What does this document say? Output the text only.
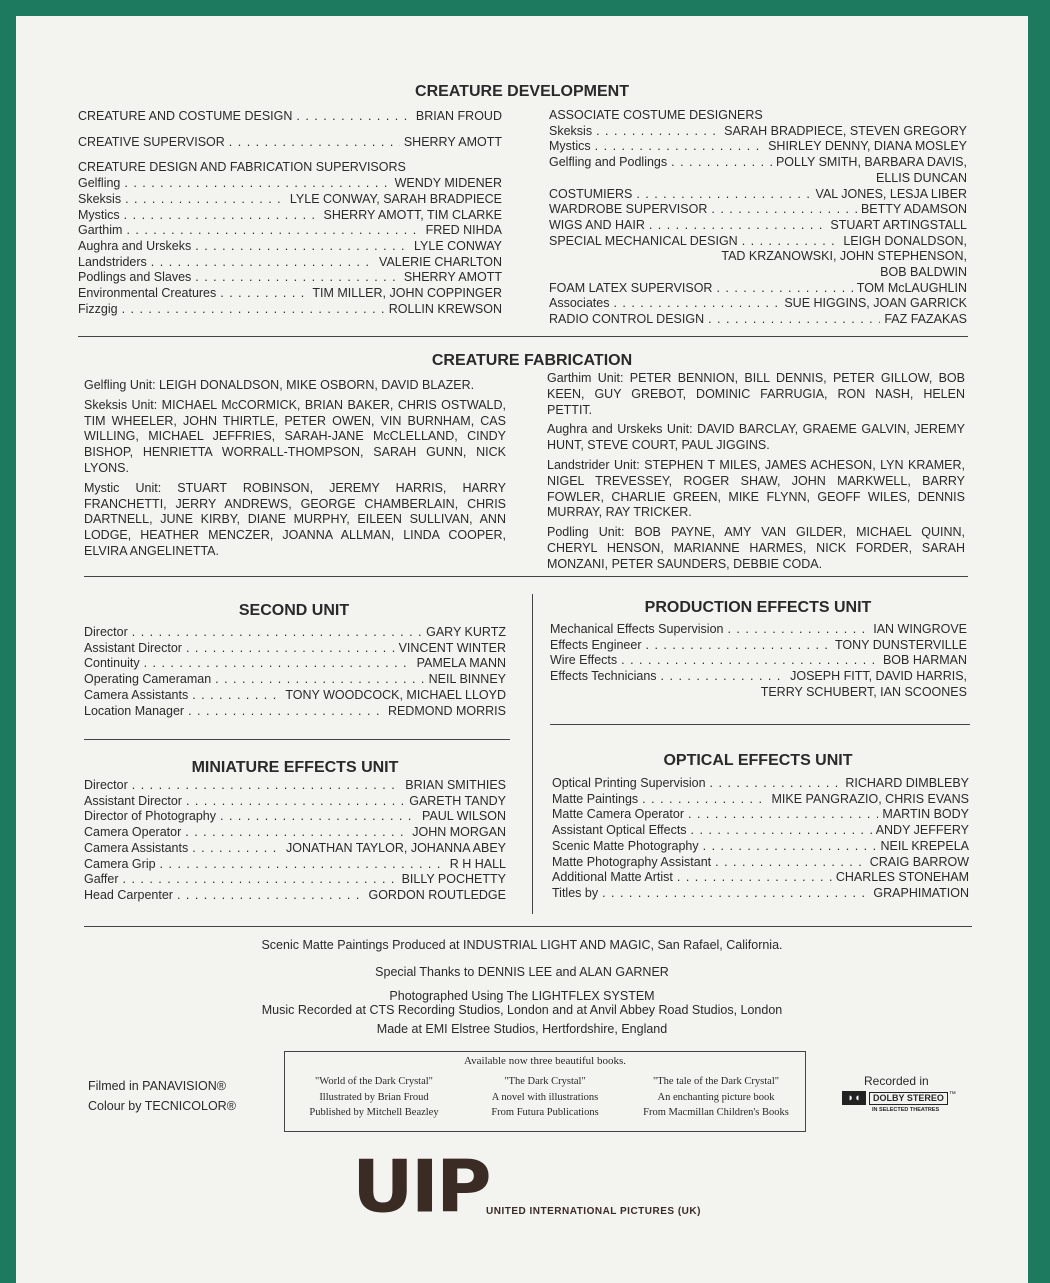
CREATURE DEVELOPMENT
CREATURE AND COSTUME DESIGN . . .	BRIAN FROUD
CREATIVE SUPERVISOR . . .	SHERRY AMOTT
CREATURE DESIGN AND FABRICATION SUPERVISORS
Gelfling . . .	WENDY MIDENER
Skeksis . . .	LYLE CONWAY, SARAH BRADPIECE
Mystics . . .	SHERRY AMOTT, TIM CLARKE
Garthim . . .	FRED NIHDA
Aughra and Urskeks . . .	LYLE CONWAY
Landstriders . . .	VALERIE CHARLTON
Podlings and Slaves . . .	SHERRY AMOTT
Environmental Creatures . . .	TIM MILLER, JOHN COPPINGER
Fizzgig . . .	ROLLIN KREWSON
ASSOCIATE COSTUME DESIGNERS
Skeksis . . .	SARAH BRADPIECE, STEVEN GREGORY
Mystics . . .	SHIRLEY DENNY, DIANA MOSLEY
Gelfling and Podlings . . .	POLLY SMITH, BARBARA DAVIS,
ELLIS DUNCAN
COSTUMIERS . . .	VAL JONES, LESJA LIBER
WARDROBE SUPERVISOR . . .	BETTY ADAMSON
WIGS AND HAIR . . .	STUART ARTINGSTALL
SPECIAL MECHANICAL DESIGN . . .	LEIGH DONALDSON,
TAD KRZANOWSKI, JOHN STEPHENSON,
BOB BALDWIN
FOAM LATEX SUPERVISOR . . .	TOM McLAUGHLIN
Associates . . .	SUE HIGGINS, JOAN GARRICK
RADIO CONTROL DESIGN . . .	FAZ FAZAKAS
CREATURE FABRICATION
Gelfling Unit: LEIGH DONALDSON, MIKE OSBORN, DAVID BLAZER.
Skeksis Unit: MICHAEL McCORMICK, BRIAN BAKER, CHRIS OSTWALD, TIM WHEELER, JOHN THIRTLE, PETER OWEN, VIN BURNHAM, CAS WILLING, MICHAEL JEFFRIES, SARAH-JANE McCLELLAND, CINDY BISHOP, HENRIETTA WORRALL-THOMPSON, SARAH GUNN, NICK LYONS.
Mystic Unit: STUART ROBINSON, JEREMY HARRIS, HARRY FRANCHETTI, JERRY ANDREWS, GEORGE CHAMBERLAIN, CHRIS DARTNELL, JUNE KIRBY, DIANE MURPHY, EILEEN SULLIVAN, ANN LODGE, HEATHER MENCZER, JOANNA ALLMAN, LINDA COOPER, ELVIRA ANGELINETTA.
Garthim Unit: PETER BENNION, BILL DENNIS, PETER GILLOW, BOB KEEN, GUY GREBOT, DOMINIC FARRUGIA, RON NASH, HELEN PETTIT.
Aughra and Urskeks Unit: DAVID BARCLAY, GRAEME GALVIN, JEREMY HUNT, STEVE COURT, PAUL JIGGINS.
Landstrider Unit: STEPHEN T MILES, JAMES ACHESON, LYN KRAMER, NIGEL TREVESSEY, ROGER SHAW, JOHN MARKWELL, BARRY FOWLER, CHARLIE GREEN, MIKE FLYNN, GEOFF WILES, DENNIS MURRAY, RAY TRICKER.
Podling Unit: BOB PAYNE, AMY VAN GILDER, MICHAEL QUINN, CHERYL HENSON, MARIANNE HARMES, NICK FORDER, SARAH MONZANI, PETER SAUNDERS, DEBBIE CODA.
SECOND UNIT
Director . . .	GARY KURTZ
Assistant Director . . .	VINCENT WINTER
Continuity . . .	PAMELA MANN
Operating Cameraman . . .	NEIL BINNEY
Camera Assistants . . .	TONY WOODCOCK, MICHAEL LLOYD
Location Manager . . .	REDMOND MORRIS
PRODUCTION EFFECTS UNIT
Mechanical Effects Supervision . . .	IAN WINGROVE
Effects Engineer . . .	TONY DUNSTERVILLE
Wire Effects . . .	BOB HARMAN
Effects Technicians . . .	JOSEPH FITT, DAVID HARRIS,
TERRY SCHUBERT, IAN SCOONES
MINIATURE EFFECTS UNIT
Director . . .	BRIAN SMITHIES
Assistant Director . . .	GARETH TANDY
Director of Photography . . .	PAUL WILSON
Camera Operator . . .	JOHN MORGAN
Camera Assistants . . .	JONATHAN TAYLOR, JOHANNA ABEY
Camera Grip . . .	R H HALL
Gaffer . . .	BILLY POCHETTY
Head Carpenter . . .	GORDON ROUTLEDGE
OPTICAL EFFECTS UNIT
Optical Printing Supervision . . .	RICHARD DIMBLEBY
Matte Paintings . . .	MIKE PANGRAZIO, CHRIS EVANS
Matte Camera Operator . . .	MARTIN BODY
Assistant Optical Effects . . .	ANDY JEFFERY
Scenic Matte Photography . . .	NEIL KREPELA
Matte Photography Assistant . . .	CRAIG BARROW
Additional Matte Artist . . .	CHARLES STONEHAM
Titles by . . .	GRAPHIMATION
Scenic Matte Paintings Produced at INDUSTRIAL LIGHT AND MAGIC, San Rafael, California.
Special Thanks to DENNIS LEE and ALAN GARNER
Photographed Using The LIGHTFLEX SYSTEM
Music Recorded at CTS Recording Studios, London and at Anvil Abbey Road Studios, London
Made at EMI Elstree Studios, Hertfordshire, England
Filmed in PANAVISION®
Colour by TECNICOLOR®
Available now three beautiful books.
"World of the Dark Crystal"
Illustrated by Brian Froud
Published by Mitchell Beazley
"The Dark Crystal"
A novel with illustrations
From Futura Publications
"The tale of the Dark Crystal"
An enchanting picture book
From Macmillan Children's Books
Recorded in
◗◖	DOLBY STEREO ™
IN SELECTED THEATRES
UIP
UNITED INTERNATIONAL PICTURES (UK)
